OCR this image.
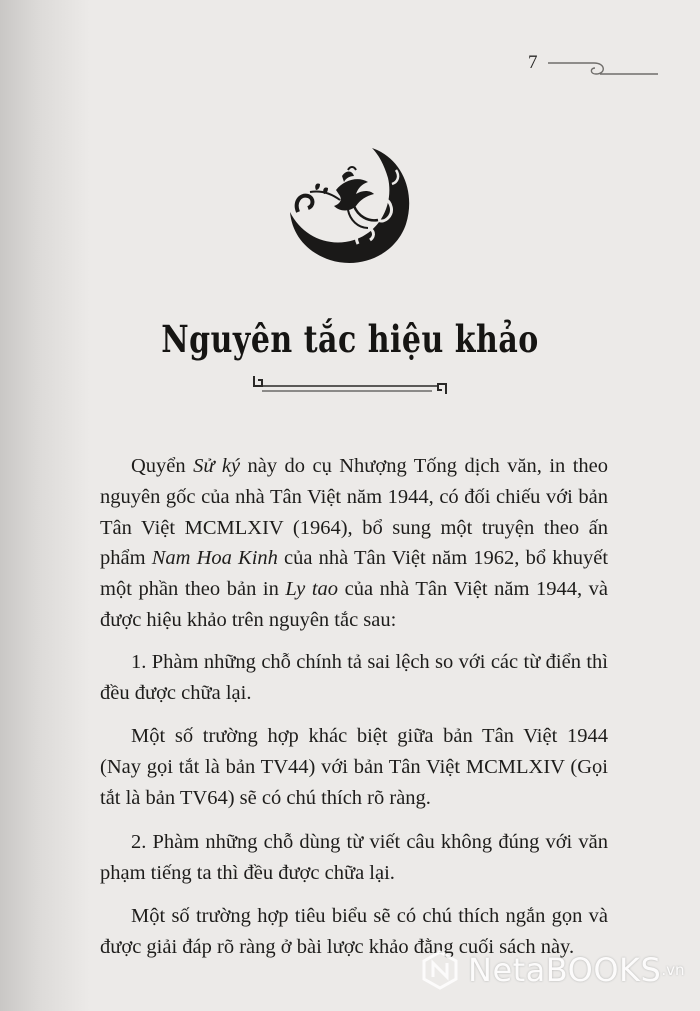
7
Nguyên tắc hiệu khảo

Quyển Sử ký này do cụ Nhượng Tống dịch văn, in theo nguyên gốc của nhà Tân Việt năm 1944, có đối chiếu với bản Tân Việt MCMLXIV (1964), bổ sung một truyện theo ấn phẩm Nam Hoa Kinh của nhà Tân Việt năm 1962, bổ khuyết một phần theo bản in Ly tao của nhà Tân Việt năm 1944, và được hiệu khảo trên nguyên tắc sau:

1. Phàm những chỗ chính tả sai lệch so với các từ điển thì đều được chữa lại.

Một số trường hợp khác biệt giữa bản Tân Việt 1944 (Nay gọi tắt là bản TV44) với bản Tân Việt MCMLXIV (Gọi tắt là bản TV64) sẽ có chú thích rõ ràng.

2. Phàm những chỗ dùng từ viết câu không đúng với văn phạm tiếng ta thì đều được chữa lại.

Một số trường hợp tiêu biểu sẽ có chú thích ngắn gọn và được giải đáp rõ ràng ở bài lược khảo đằng cuối sách này.

NetaBOOKS .vn
